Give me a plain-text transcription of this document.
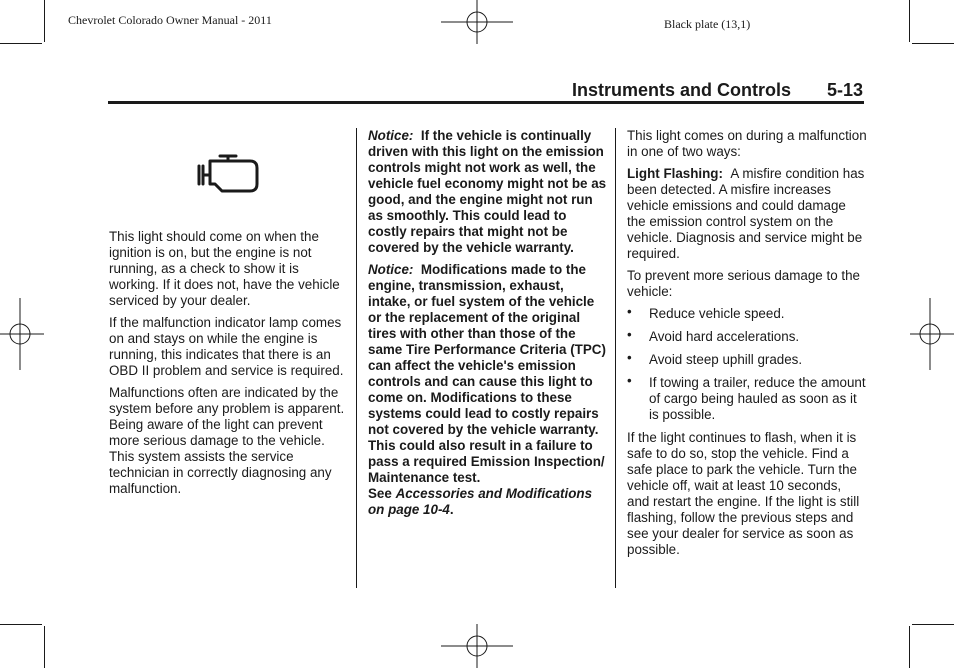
Chevrolet Colorado Owner Manual - 2011	Black plate (13,1)
Instruments and Controls	5-13

This light should come on when the ignition is on, but the engine is not running, as a check to show it is working. If it does not, have the vehicle serviced by your dealer.

If the malfunction indicator lamp comes on and stays on while the engine is running, this indicates that there is an OBD II problem and service is required.

Malfunctions often are indicated by the system before any problem is apparent. Being aware of the light can prevent more serious damage to the vehicle. This system assists the service technician in correctly diagnosing any malfunction.

Notice: If the vehicle is continually driven with this light on the emission controls might not work as well, the vehicle fuel economy might not be as good, and the engine might not run as smoothly. This could lead to costly repairs that might not be covered by the vehicle warranty.

Notice: Modifications made to the engine, transmission, exhaust, intake, or fuel system of the vehicle or the replacement of the original tires with other than those of the same Tire Performance Criteria (TPC) can affect the vehicle's emission controls and can cause this light to come on. Modifications to these systems could lead to costly repairs not covered by the vehicle warranty. This could also result in a failure to pass a required Emission Inspection/ Maintenance test.

See Accessories and Modifications on page 10-4.

This light comes on during a malfunction in one of two ways:

Light Flashing: A misfire condition has been detected. A misfire increases vehicle emissions and could damage the emission control system on the vehicle. Diagnosis and service might be required.

To prevent more serious damage to the vehicle:

• Reduce vehicle speed.
• Avoid hard accelerations.
• Avoid steep uphill grades.
• If towing a trailer, reduce the amount of cargo being hauled as soon as it is possible.

If the light continues to flash, when it is safe to do so, stop the vehicle. Find a safe place to park the vehicle. Turn the vehicle off, wait at least 10 seconds, and restart the engine. If the light is still flashing, follow the previous steps and see your dealer for service as soon as possible.
